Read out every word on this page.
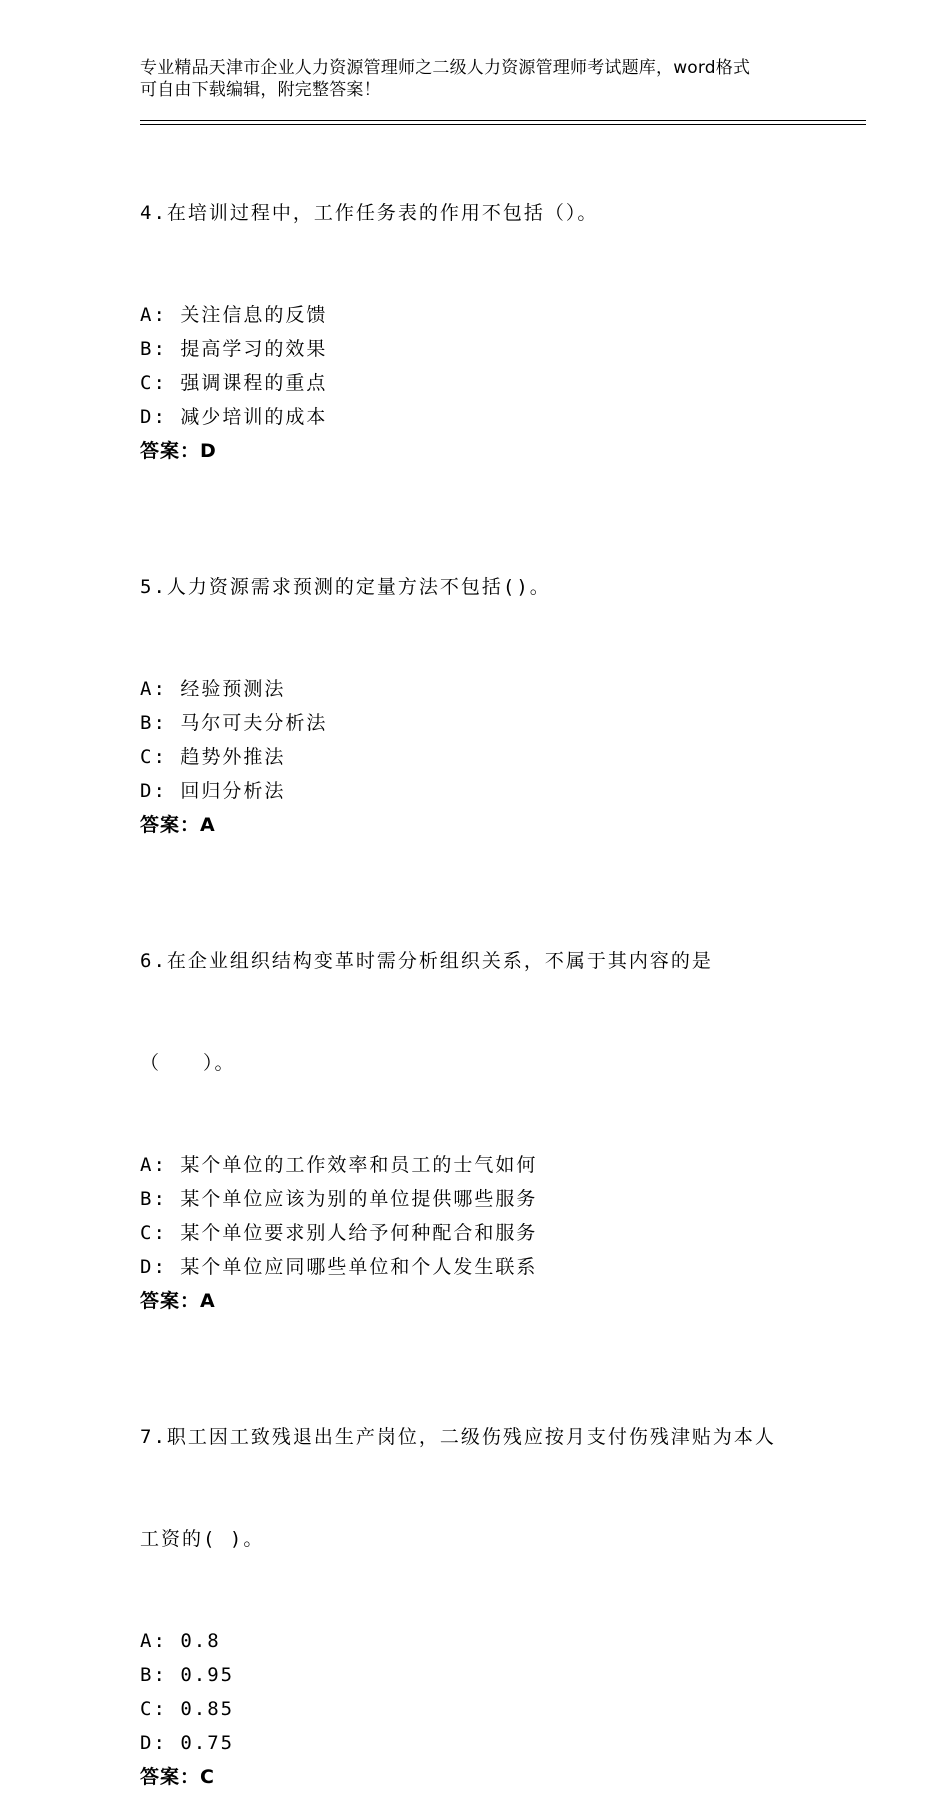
专业精品天津市企业人力资源管理师之二级人力资源管理师考试题库，word格式
可自由下载编辑，附完整答案！

4.在培训过程中，工作任务表的作用不包括（）。

A: 关注信息的反馈
B: 提高学习的效果
C: 强调课程的重点
D: 减少培训的成本
答案：D

5.人力资源需求预测的定量方法不包括()。

A: 经验预测法
B: 马尔可夫分析法
C: 趋势外推法
D: 回归分析法
答案：A

6.在企业组织结构变革时需分析组织关系，不属于其内容的是

（　　）。

A: 某个单位的工作效率和员工的士气如何
B: 某个单位应该为别的单位提供哪些服务
C: 某个单位要求别人给予何种配合和服务
D: 某个单位应同哪些单位和个人发生联系
答案：A

7.职工因工致残退出生产岗位，二级伤残应按月支付伤残津贴为本人

工资的( )。

A: 0.8
B: 0.95
C: 0.85
D: 0.75
答案：C
